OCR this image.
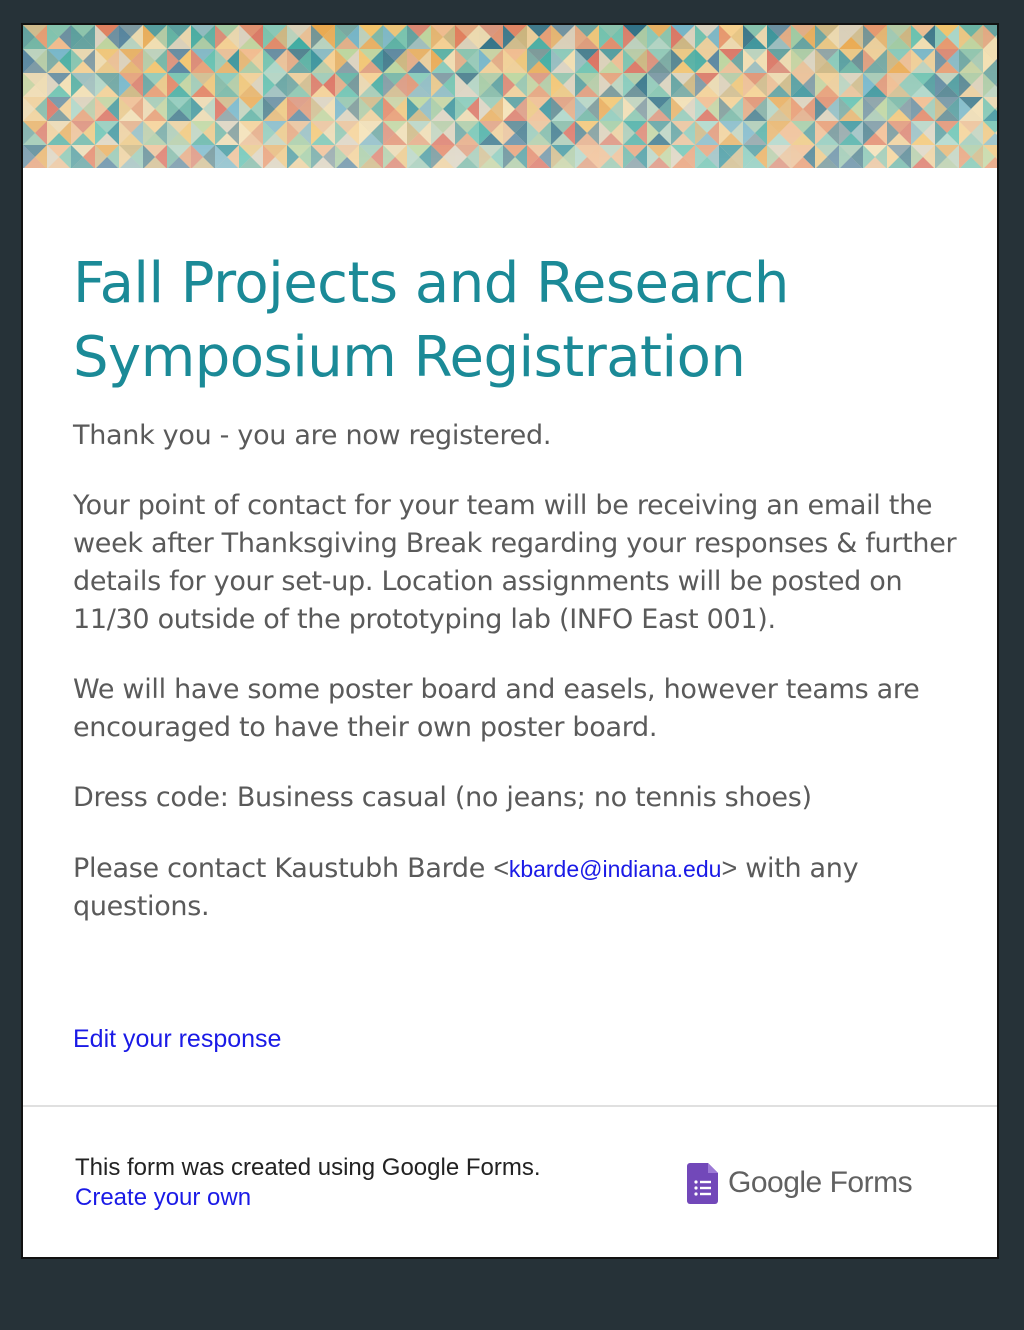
Fall Projects and Research
Symposium Registration

Thank you - you are now registered.

Your point of contact for your team will be receiving an email the week after Thanksgiving Break regarding your responses & further details for your set-up. Location assignments will be posted on 11/30 outside of the prototyping lab (INFO East 001).

We will have some poster board and easels, however teams are encouraged to have their own poster board.

Dress code: Business casual (no jeans; no tennis shoes)

Please contact Kaustubh Barde <kbarde@indiana.edu> with any questions.

Edit your response
This form was created using Google Forms.
Create your own	Google Forms
